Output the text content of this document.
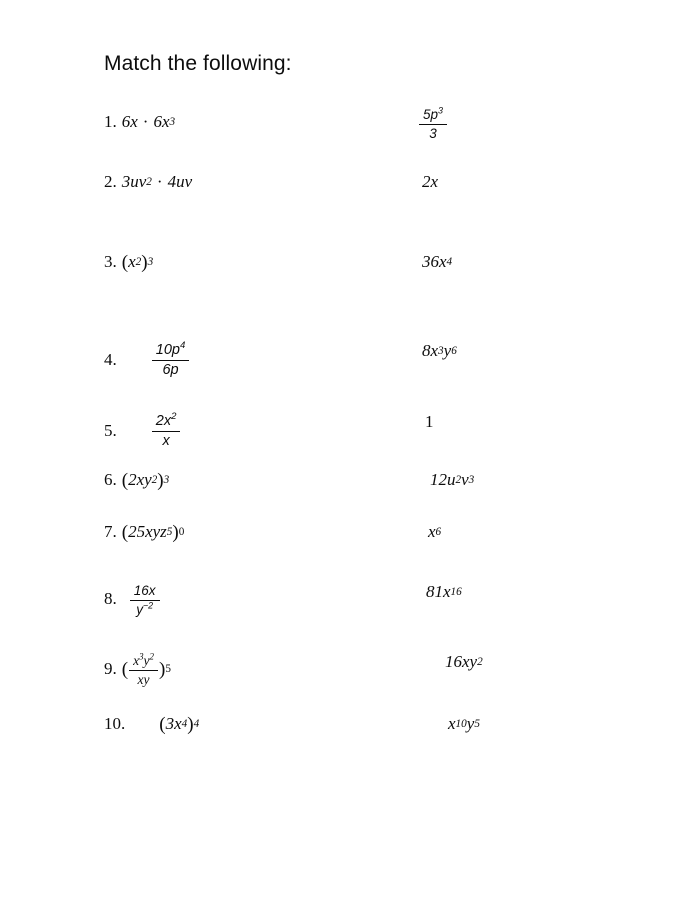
Match the following:
1. 6x · 6x 3	$\frac{5p^3}{3}$
2. 3uv 2 · 4uv	2x
3. ( x 2 ) 3	36x 4
4. $\frac{10p^4}{6p}$	8x 3 y 6
5. $\frac{2x^2}{x}$	1
6. ( 2xy 2 ) 3	12u 2 v 3
7. ( 25xyz 5 ) 0	x 6
8. $\frac{16x}{y^{-2}}$	81x 16
9. ( $\frac{x^3y^2}{xy}$ ) 5	16xy 2
10. ( 3x 4 ) 4	x 10 y 5
